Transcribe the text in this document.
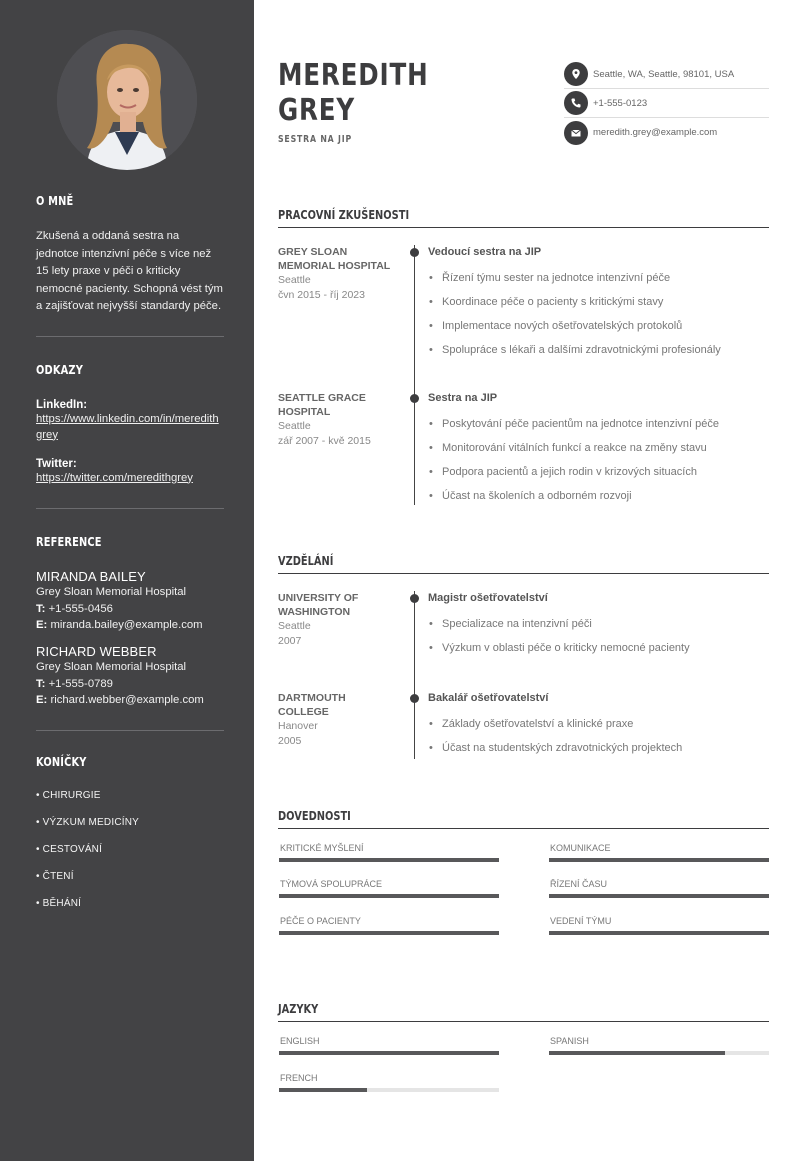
O MNĚ
Zkušená a oddaná sestra na jednotce intenzivní péče s více než 15 lety praxe v péči o kriticky nemocné pacienty. Schopná vést tým a zajišťovat nejvyšší standardy péče.
ODKAZY
LinkedIn:
https://www.linkedin.com/in/meredithgrey
Twitter:
https://twitter.com/meredithgrey
REFERENCE
MIRANDA BAILEY
Grey Sloan Memorial Hospital
T: +1-555-0456
E: miranda.bailey@example.com
RICHARD WEBBER
Grey Sloan Memorial Hospital
T: +1-555-0789
E: richard.webber@example.com
KONÍČKY
• CHIRURGIE
• VÝZKUM MEDICÍNY
• CESTOVÁNÍ
• ČTENÍ
• BĚHÁNÍ
MEREDITH
GREY
SESTRA NA JIP
Seattle, WA, Seattle, 98101, USA
+1-555-0123
meredith.grey@example.com
PRACOVNÍ ZKUŠENOSTI
GREY SLOAN MEMORIAL HOSPITAL
Seattle
čvn 2015 - říj 2023
Vedoucí sestra na JIP
• Řízení týmu sester na jednotce intenzivní péče
• Koordinace péče o pacienty s kritickými stavy
• Implementace nových ošetřovatelských protokolů
• Spolupráce s lékaři a dalšími zdravotnickými profesionály
SEATTLE GRACE HOSPITAL
Seattle
zář 2007 - kvě 2015
Sestra na JIP
• Poskytování péče pacientům na jednotce intenzivní péče
• Monitorování vitálních funkcí a reakce na změny stavu
• Podpora pacientů a jejich rodin v krizových situacích
• Účast na školeních a odborném rozvoji
VZDĚLÁNÍ
UNIVERSITY OF WASHINGTON
Seattle
2007
Magistr ošetřovatelství
• Specializace na intenzivní péči
• Výzkum v oblasti péče o kriticky nemocné pacienty
DARTMOUTH COLLEGE
Hanover
2005
Bakalář ošetřovatelství
• Základy ošetřovatelství a klinické praxe
• Účast na studentských zdravotnických projektech
DOVEDNOSTI
KRITICKÉ MYŠLENÍ	KOMUNIKACE
TÝMOVÁ SPOLUPRÁCE	ŘÍZENÍ ČASU
PÉČE O PACIENTY	VEDENÍ TÝMU
JAZYKY
ENGLISH	SPANISH
FRENCH
